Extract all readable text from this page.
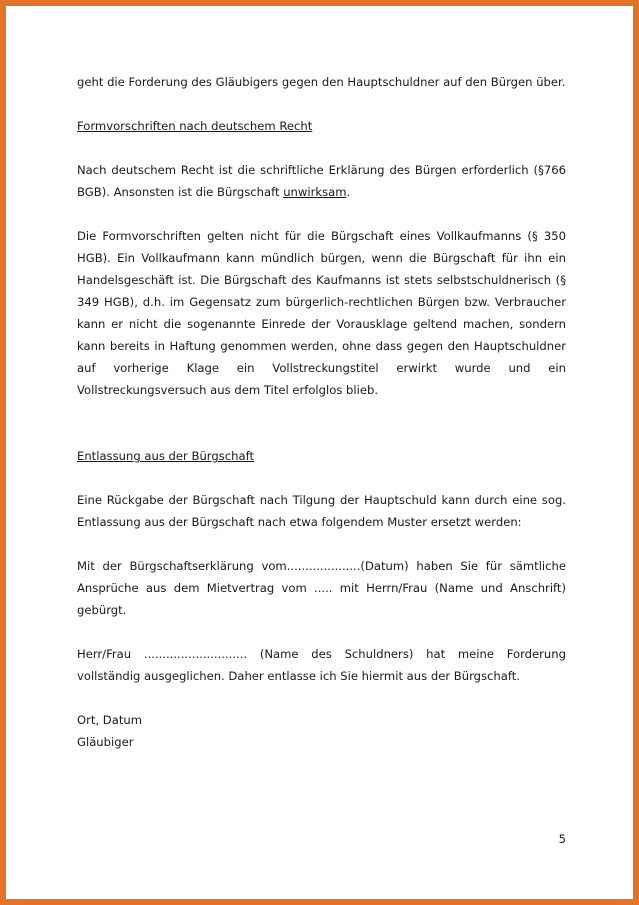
geht die Forderung des Gläubigers gegen den Hauptschuldner auf den Bürgen über.

Formvorschriften nach deutschem Recht

Nach deutschem Recht ist die schriftliche Erklärung des Bürgen erforderlich (§766 BGB). Ansonsten ist die Bürgschaft unwirksam.

Die Formvorschriften gelten nicht für die Bürgschaft eines Vollkaufmanns (§ 350 HGB). Ein Vollkaufmann kann mündlich bürgen, wenn die Bürgschaft für ihn ein Handelsgeschäft ist. Die Bürgschaft des Kaufmanns ist stets selbstschuldnerisch (§ 349 HGB), d.h. im Gegensatz zum bürgerlich-rechtlichen Bürgen bzw. Verbraucher kann er nicht die sogenannte Einrede der Vorausklage geltend machen, sondern kann bereits in Haftung genommen werden, ohne dass gegen den Hauptschuldner auf vorherige Klage ein Vollstreckungstitel erwirkt wurde und ein Vollstreckungsversuch aus dem Titel erfolglos blieb.

Entlassung aus der Bürgschaft

Eine Rückgabe der Bürgschaft nach Tilgung der Hauptschuld kann durch eine sog. Entlassung aus der Bürgschaft nach etwa folgendem Muster ersetzt werden:

Mit der Bürgschaftserklärung vom....................(Datum) haben Sie für sämtliche Ansprüche aus dem Mietvertrag vom ..... mit Herrn/Frau (Name und Anschrift) gebürgt.

Herr/Frau ............................ (Name des Schuldners) hat meine Forderung vollständig ausgeglichen. Daher entlasse ich Sie hiermit aus der Bürgschaft.

Ort, Datum

Gläubiger

5
